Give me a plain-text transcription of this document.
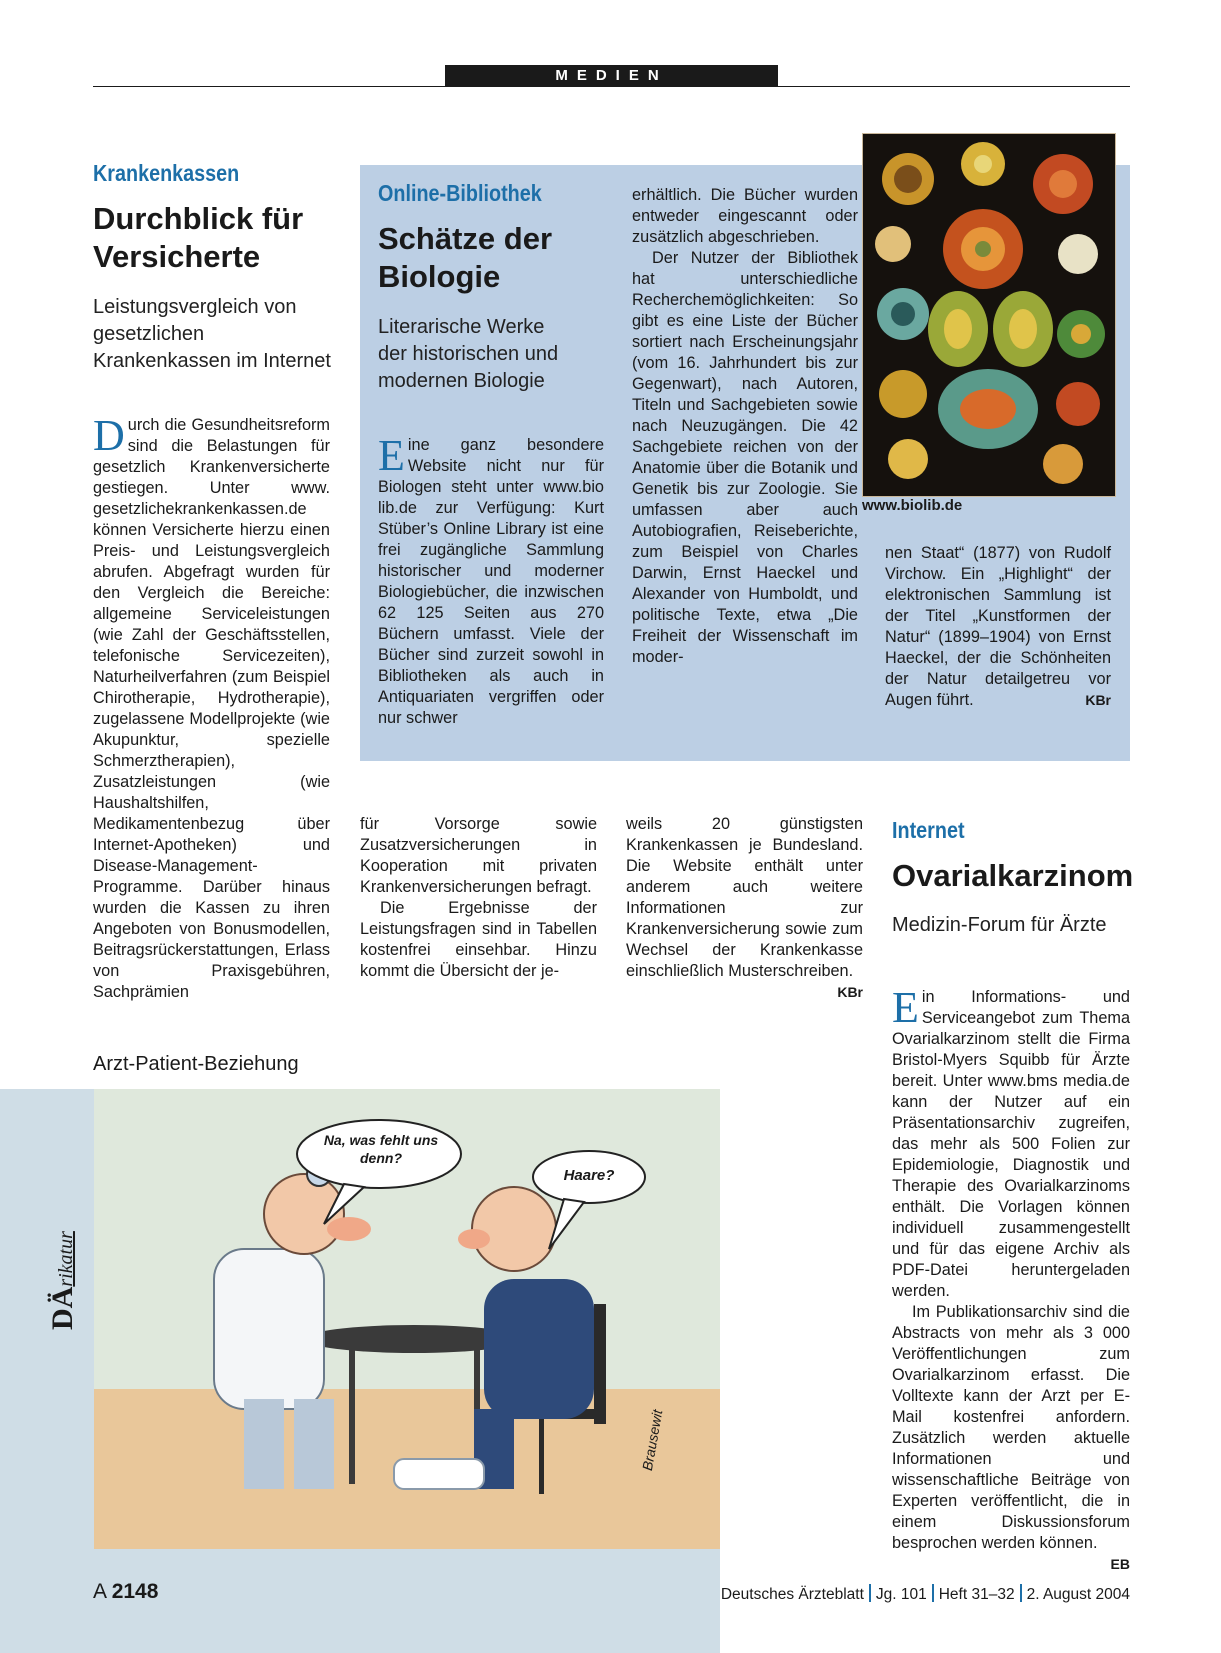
MEDIEN
Krankenkassen
Durchblick für
Versicherte
Leistungsvergleich von gesetzlichen Krankenkassen im Internet
Durch die Gesundheitsreform sind die Belastungen für gesetzlich Krankenversicherte gestiegen. Unter www. gesetzlichekrankenkassen.de können Versicherte hierzu einen Preis- und Leistungsvergleich abrufen. Abgefragt wurden für den Vergleich die Bereiche: allgemeine Serviceleistungen (wie Zahl der Geschäftsstellen, telefonische Servicezeiten), Naturheilverfahren (zum Beispiel Chirotherapie, Hydrotherapie), zugelassene Modellprojekte (wie Akupunktur, spezielle Schmerztherapien), Zusatzleistungen (wie Haushaltshilfen, Medikamentenbezug über Internet-Apotheken) und Disease-Management-Programme. Darüber hinaus wurden die Kassen zu ihren Angeboten von Bonusmodellen, Beitragsrückerstattungen, Erlass von Praxisgebühren, Sachprämien
für Vorsorge sowie Zusatzversicherungen in Kooperation mit privaten Krankenversicherungen befragt.
Die Ergebnisse der Leistungsfragen sind in Tabellen kostenfrei einsehbar. Hinzu kommt die Übersicht der je-
weils 20 günstigsten Krankenkassen je Bundesland. Die Website enthält unter anderem auch weitere Informationen zur Krankenversicherung sowie zum Wechsel der Krankenkasse einschließlich Musterschreiben.
KBr
Online-Bibliothek
Schätze der
Biologie
Literarische Werke der historischen und modernen Biologie
Eine ganz besondere Website nicht nur für Biologen steht unter www.bio lib.de zur Verfügung: Kurt Stüber’s Online Library ist eine frei zugängliche Sammlung historischer und moderner Biologiebücher, die inzwischen 62 125 Seiten aus 270 Büchern umfasst. Viele der Bücher sind zurzeit sowohl in Bibliotheken als auch in Antiquariaten vergriffen oder nur schwer
erhältlich. Die Bücher wurden entweder eingescannt oder zusätzlich abgeschrieben.
Der Nutzer der Bibliothek hat unterschiedliche Recherchemöglichkeiten: So gibt es eine Liste der Bücher sortiert nach Erscheinungsjahr (vom 16. Jahrhundert bis zur Gegenwart), nach Autoren, Titeln und Sachgebieten sowie nach Neuzugängen. Die 42 Sachgebiete reichen von der Anatomie über die Botanik und Genetik bis zur Zoologie. Sie umfassen aber auch Autobiografien, Reiseberichte, zum Beispiel von Charles Darwin, Ernst Haeckel und Alexander von Humboldt, und politische Texte, etwa „Die Freiheit der Wissenschaft im moder-
www.biolib.de
nen Staat“ (1877) von Rudolf Virchow. Ein „Highlight“ der elektronischen Sammlung ist der Titel „Kunstformen der Natur“ (1899–1904) von Ernst Haeckel, der die Schönheiten der Natur detailgetreu vor Augen führt.	KBr
Internet
Ovarialkarzinom
Medizin-Forum für Ärzte
Ein Informations- und Serviceangebot zum Thema Ovarialkarzinom stellt die Firma Bristol-Myers Squibb für Ärzte bereit. Unter www.bms media.de kann der Nutzer auf ein Präsentationsarchiv zugreifen, das mehr als 500 Folien zur Epidemiologie, Diagnostik und Therapie des Ovarialkarzinoms enthält. Die Vorlagen können individuell zusammengestellt und für das eigene Archiv als PDF-Datei heruntergeladen werden.
Im Publikationsarchiv sind die Abstracts von mehr als 3 000 Veröffentlichungen zum Ovarialkarzinom erfasst. Die Volltexte kann der Arzt per E-Mail kostenfrei anfordern. Zusätzlich werden aktuelle Informationen und wissenschaftliche Beiträge von Experten veröffentlicht, die in einem Diskussionsforum besprochen werden können.
EB
Arzt-Patient-Beziehung
DÄrikatur
Na, was fehlt uns denn?
Haare?
Brausewit
A 2148	Deutsches Ärzteblatt Jg. 101 Heft 31–32 2. August 2004
